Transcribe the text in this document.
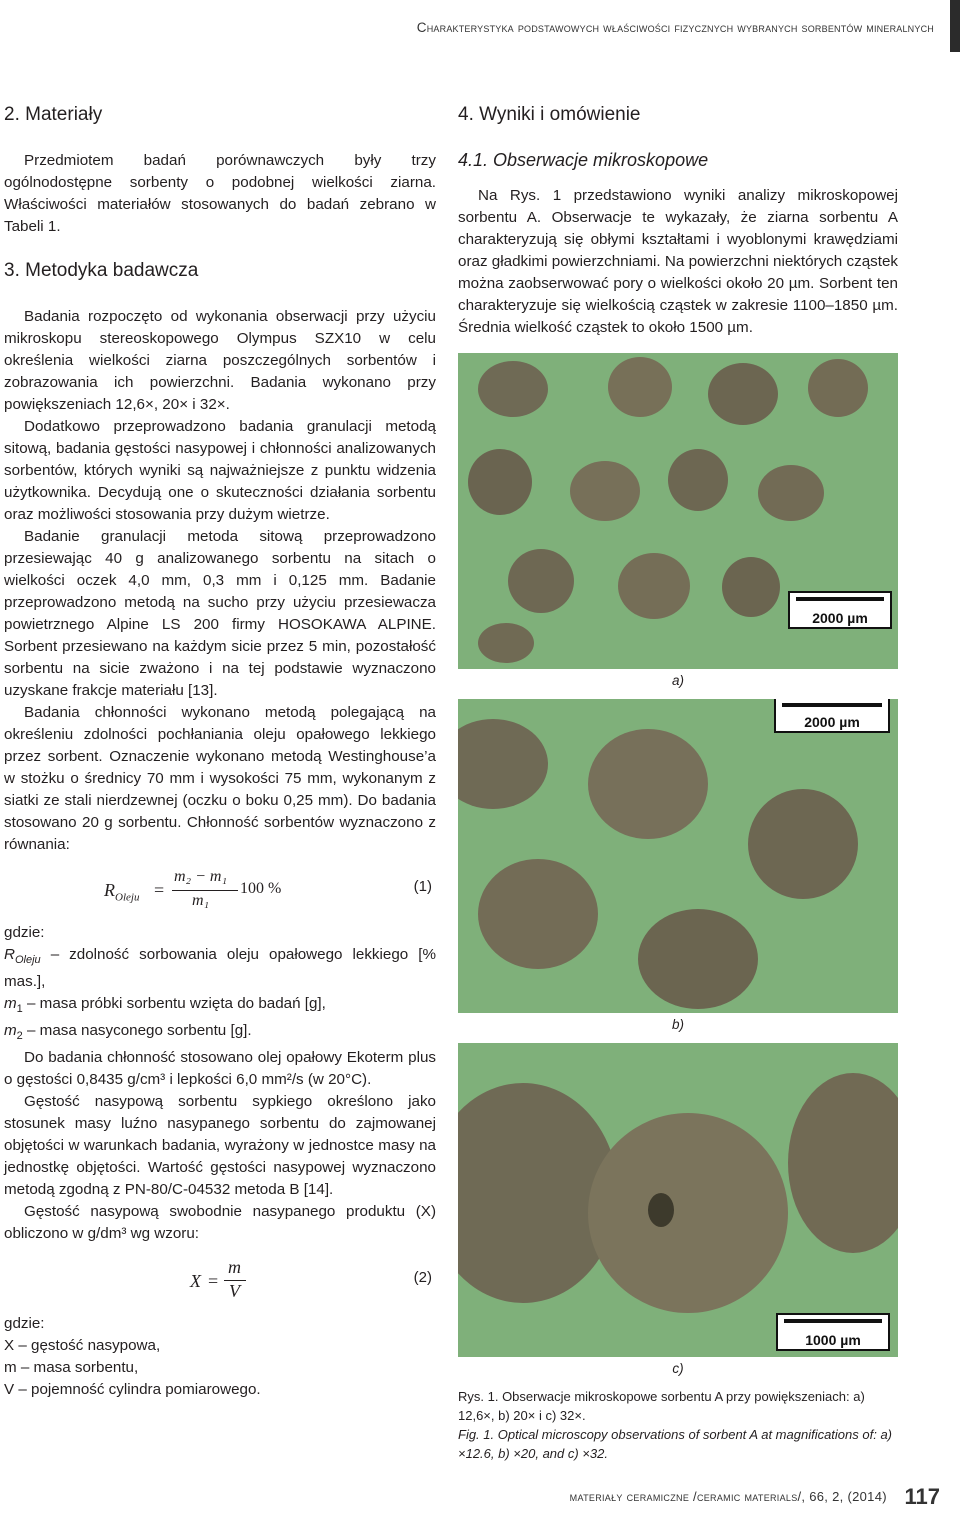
Charakterystyka podstawowych właściwości fizycznych wybranych sorbentów mineralnych
2. Materiały

Przedmiotem badań porównawczych były trzy ogólnodostępne sorbenty o podobnej wielkości ziarna. Właściwości materiałów stosowanych do badań zebrano w Tabeli 1.

3. Metodyka badawcza

Badania rozpoczęto od wykonania obserwacji przy użyciu mikroskopu stereoskopowego Olympus SZX10 w celu określenia wielkości ziarna poszczególnych sorbentów i zobrazowania ich powierzchni. Badania wykonano przy powiększeniach 12,6×, 20× i 32×.

Dodatkowo przeprowadzono badania granulacji metodą sitową, badania gęstości nasypowej i chłonności analizowanych sorbentów, których wyniki są najważniejsze z punktu widzenia użytkownika. Decydują one o skuteczności działania sorbentu oraz możliwości stosowania przy dużym wietrze.

Badanie granulacji metoda sitową przeprowadzono przesiewając 40 g analizowanego sorbentu na sitach o wielkości oczek 4,0 mm, 0,3 mm i 0,125 mm. Badanie przeprowadzono metodą na sucho przy użyciu przesiewacza powietrznego Alpine LS 200 firmy HOSOKAWA ALPINE. Sorbent przesiewano na każdym sicie przez 5 min, pozostałość sorbentu na sicie zważono i na tej podstawie wyznaczono uzyskane frakcje materiału [13].

Badania chłonności wykonano metodą polegającą na określeniu zdolności pochłaniania oleju opałowego lekkiego przez sorbent. Oznaczenie wykonano metodą Westinghouse’a w stożku o średnicy 70 mm i wysokości 75 mm, wykonanym z siatki ze stali nierdzewnej (oczku o boku 0,25 mm). Do badania stosowano 20 g sorbentu. Chłonność sorbentów wyznaczono z równania:

$R_{Oleju}$ =
m₂ − m₁
m₁
100 %	(1)

gdzie:

$R_{Oleju}$ – zdolność sorbowania oleju opałowego lekkiego [% mas.],

$m_1$ – masa próbki sorbentu wzięta do badań [g],

$m_2$ – masa nasyconego sorbentu [g].

Do badania chłonność stosowano olej opałowy Ekoterm plus o gęstości 0,8435 g/cm³ i lepkości 6,0 mm²/s (w 20°C).

Gęstość nasypową sorbentu sypkiego określono jako stosunek masy luźno nasypanego sorbentu do zajmowanej objętości w warunkach badania, wyrażony w jednostce masy na jednostkę objętości. Wartość gęstości nasypowej wyznaczono metodą zgodną z PN-80/C-04532 metoda B [14].

Gęstość nasypową swobodnie nasypanego produktu (X) obliczono w g/dm³ wg wzoru:

X =
m
V
(2)

gdzie:

X – gęstość nasypowa,

m – masa sorbentu,

V – pojemność cylindra pomiarowego.

4. Wyniki i omówienie
4.1. Obserwacje mikroskopowe

Na Rys. 1 przedstawiono wyniki analizy mikroskopowej sorbentu A. Obserwacje te wykazały, że ziarna sorbentu A charakteryzują się obłymi kształtami i wyoblonymi krawędziami oraz gładkimi powierzchniami. Na powierzchni niektórych cząstek można zaobserwować pory o wielkości około 20 µm. Sorbent ten charakteryzuje się wielkością cząstek w zakresie 1100–1850 µm. Średnia wielkość cząstek to około 1500 µm.

2000 µm
a)
2000 µm
b)
1000 µm
c)

Rys. 1. Obserwacje mikroskopowe sorbentu A przy powiększeniach: a) 12,6×, b) 20× i c) 32×.

Fig. 1. Optical microscopy observations of sorbent A at magnifications of: a) ×12.6, b) ×20, and c) ×32.

materiały ceramiczne /ceramic materials/, 66, 2, (2014) 117
